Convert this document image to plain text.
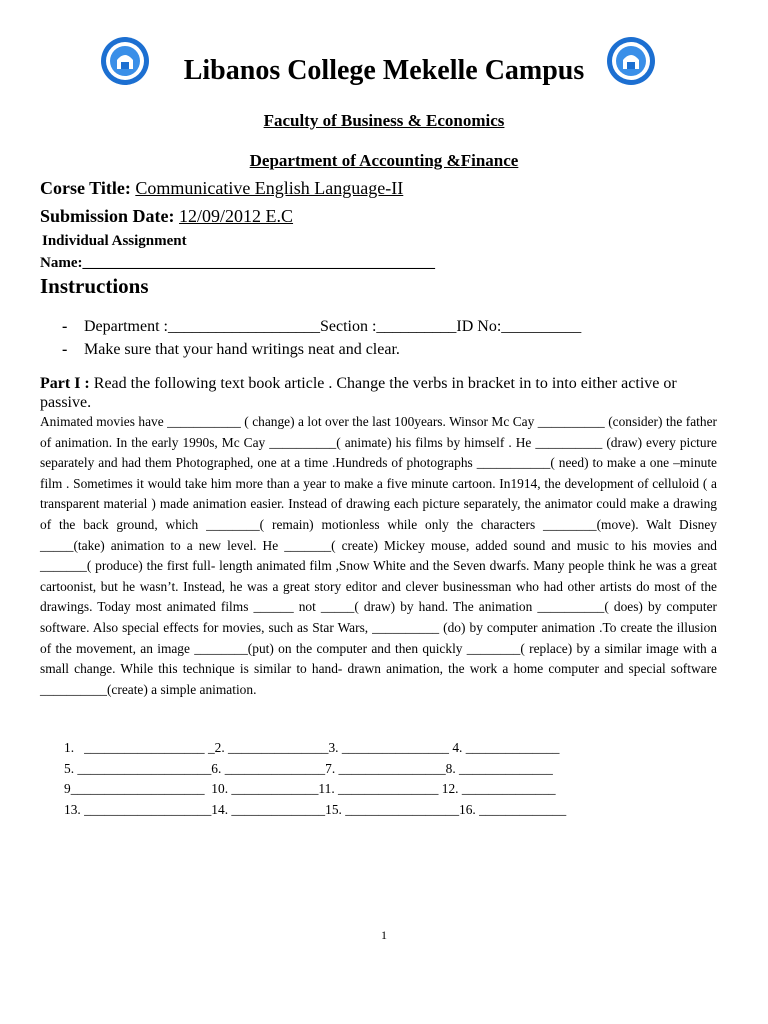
Libanos College Mekelle Campus
Faculty of Business & Economics
Department of Accounting &Finance
Corse Title: Communicative English Language-II
Submission Date: 12/09/2012 E.C
Individual Assignment
Name:_______________________________________________
Instructions
- Department :___________________Section :__________ID No:__________
- Make sure that your hand writings neat and clear.
Part I : Read the following text book article . Change the verbs in bracket in to into either active or passive.

Animated movies have ___________ ( change) a lot over the last 100years. Winsor Mc Cay __________ (consider) the father of animation. In the early 1990s, Mc Cay __________( animate) his films by himself . He __________ (draw) every picture separately and had them Photographed, one at a time .Hundreds of photographs ___________( need) to make a one –minute film . Sometimes it would take him more than a year to make a five minute cartoon. In1914, the development of celluloid ( a transparent material ) made animation easier. Instead of drawing each picture separately, the animator could make a drawing of the back ground, which ________( remain) motionless while only the characters ________(move). Walt Disney _____(take) animation to a new level. He _______( create) Mickey mouse, added sound and music to his movies and _______( produce) the first full- length animated film ,Snow White and the Seven dwarfs. Many people think he was a great cartoonist, but he wasn’t. Instead, he was a great story editor and clever businessman who had other artists do most of the drawings. Today most animated films ______ not _____( draw) by hand. The animation __________( does) by computer software. Also special effects for movies, such as Star Wars, __________ (do) by computer animation .To create the illusion of the movement, an image ________(put) on the computer and then quickly ________( replace) by a similar image with a small change. While this technique is similar to hand- drawn animation, the work a home computer and special software __________(create) a simple animation.

1.   __________________ _2. _______________3. ________________ 4. ______________
5. ____________________6. _______________7. ________________8. ______________
9____________________  10. _____________11. _______________ 12. ______________
13. ___________________14. ______________15. _________________16. _____________
1
